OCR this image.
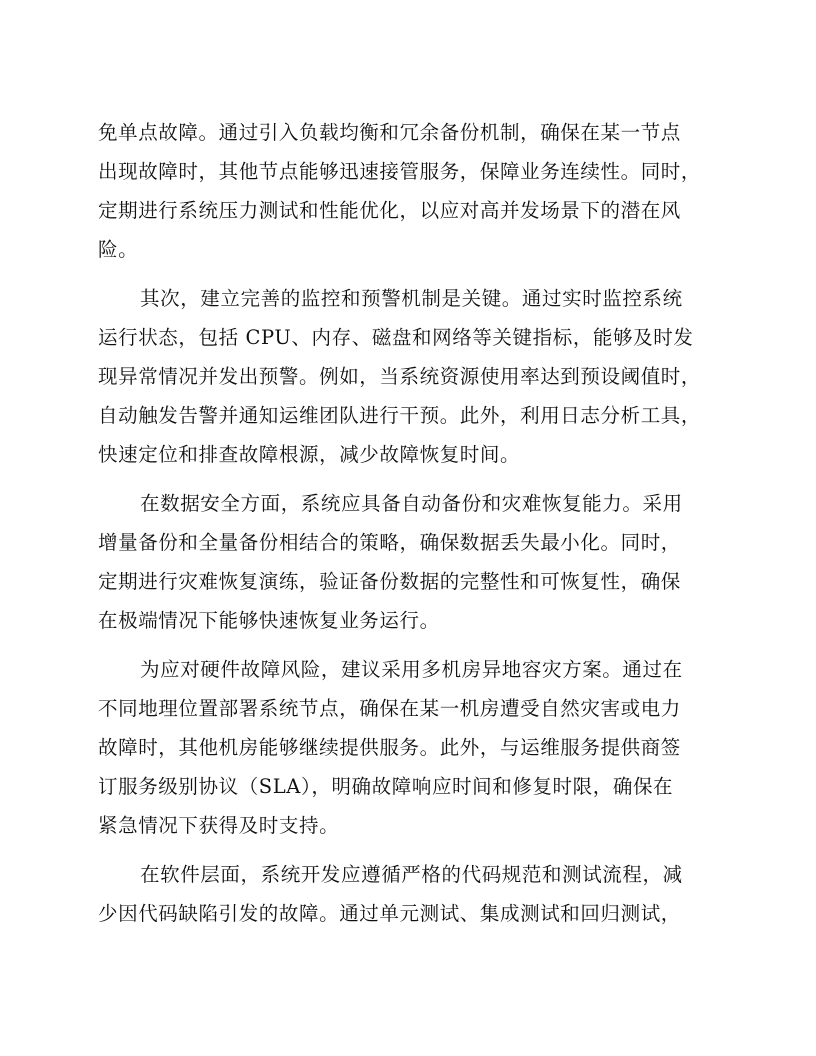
免单点故障。通过引入负载均衡和冗余备份机制，确保在某一节点
出现故障时，其他节点能够迅速接管服务，保障业务连续性。同时，
定期进行系统压力测试和性能优化，以应对高并发场景下的潜在风
险。
其次，建立完善的监控和预警机制是关键。通过实时监控系统
运行状态，包括 CPU、内存、磁盘和网络等关键指标，能够及时发
现异常情况并发出预警。例如，当系统资源使用率达到预设阈值时，
自动触发告警并通知运维团队进行干预。此外，利用日志分析工具，
快速定位和排查故障根源，减少故障恢复时间。
在数据安全方面，系统应具备自动备份和灾难恢复能力。采用
增量备份和全量备份相结合的策略，确保数据丢失最小化。同时，
定期进行灾难恢复演练，验证备份数据的完整性和可恢复性，确保
在极端情况下能够快速恢复业务运行。
为应对硬件故障风险，建议采用多机房异地容灾方案。通过在
不同地理位置部署系统节点，确保在某一机房遭受自然灾害或电力
故障时，其他机房能够继续提供服务。此外，与运维服务提供商签
订服务级别协议（SLA），明确故障响应时间和修复时限，确保在
紧急情况下获得及时支持。
在软件层面，系统开发应遵循严格的代码规范和测试流程，减
少因代码缺陷引发的故障。通过单元测试、集成测试和回归测试，
